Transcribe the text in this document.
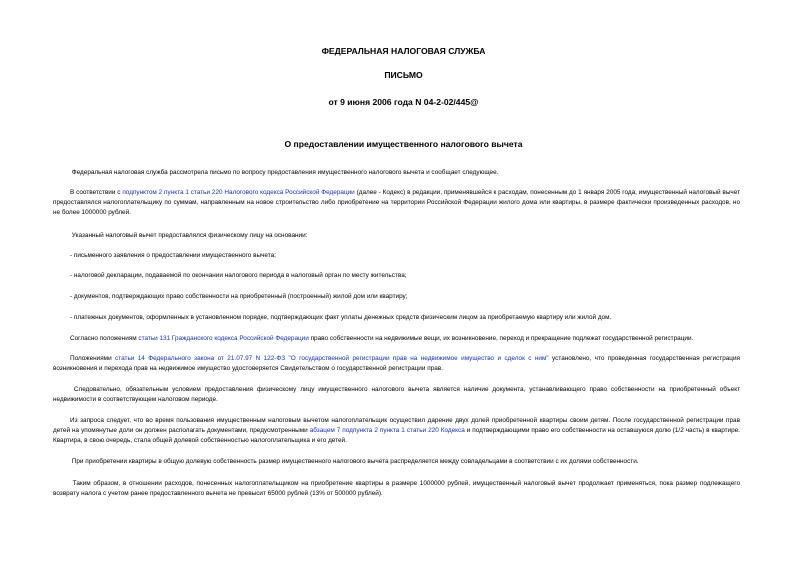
ФЕДЕРАЛЬНАЯ НАЛОГОВАЯ СЛУЖБА
ПИСЬМО
от 9 июня 2006 года N 04-2-02/445@
О предоставлении имущественного налогового вычета
Федеральная налоговая служба рассмотрела письмо по вопросу предоставления имущественного налогового вычета и сообщает следующее.
В соответствии с подпунктом 2 пункта 1 статьи 220 Налогового кодекса Российской Федерации (далее - Кодекс) в редакции, применявшейся к расходам, понесенным до 1 января 2005 года, имущественный налоговый вычет предоставлялся налогоплательщику по суммам, направленным на новое строительство либо приобретение на территории Российской Федерации жилого дома или квартиры, в размере фактически произведенных расходов, но не более 1000000 рублей.
Указанный налоговый вычет предоставлялся физическому лицу на основании:
- письменного заявления о предоставлении имущественного вычета;
- налоговой декларации, подаваемой по окончании налогового периода в налоговый орган по месту жительства;
- документов, подтверждающих право собственности на приобретенный (построенный) жилой дом или квартиру;
- платежных документов, оформленных в установленном порядке, подтверждающих факт уплаты денежных средств физическим лицом за приобретаемую квартиру или жилой дом.
Согласно положениям статьи 131 Гражданского кодекса Российской Федерации право собственности на недвижимые вещи, их возникновение, переход и прекращение подлежат государственной регистрации.
Положениями статьи 14 Федерального закона от 21.07.97 N 122-ФЗ "О государственной регистрации прав на недвижимое имущество и сделок с ним" установлено, что проведенная государственная регистрация возникновения и перехода прав на недвижимое имущество удостоверяется Свидетельством о государственной регистрации прав.
Следовательно, обязательным условием предоставления физическому лицу имущественного налогового вычета является наличие документа, устанавливающего право собственности на приобретенный объект недвижимости в соответствующем налоговом периоде.
Из запроса следует, что во время пользования имущественным налоговым вычетом налогоплательщик осуществил дарение двух долей приобретенной квартиры своим детям. После государственной регистрации прав детей на упомянутые доли он должен располагать документами, предусмотренными абзацем 7 подпункта 2 пункта 1 статьи 220 Кодекса и подтверждающими право его собственности на оставшуюся долю (1/2 часть) в квартире. Квартира, в свою очередь, стала общей долевой собственностью налогоплательщика и его детей.
При приобретении квартиры в общую долевую собственность размер имущественного налогового вычета распределяется между совладельцами в соответствии с их долями собственности.
Таким образом, в отношении расходов, понесенных налогоплательщиком на приобретение квартиры в размере 1000000 рублей, имущественный налоговый вычет продолжает применяться, пока размер подлежащего возврату налога с учетом ранее предоставленного вычета не превысит 65000 рублей (13% от 500000 рублей).
